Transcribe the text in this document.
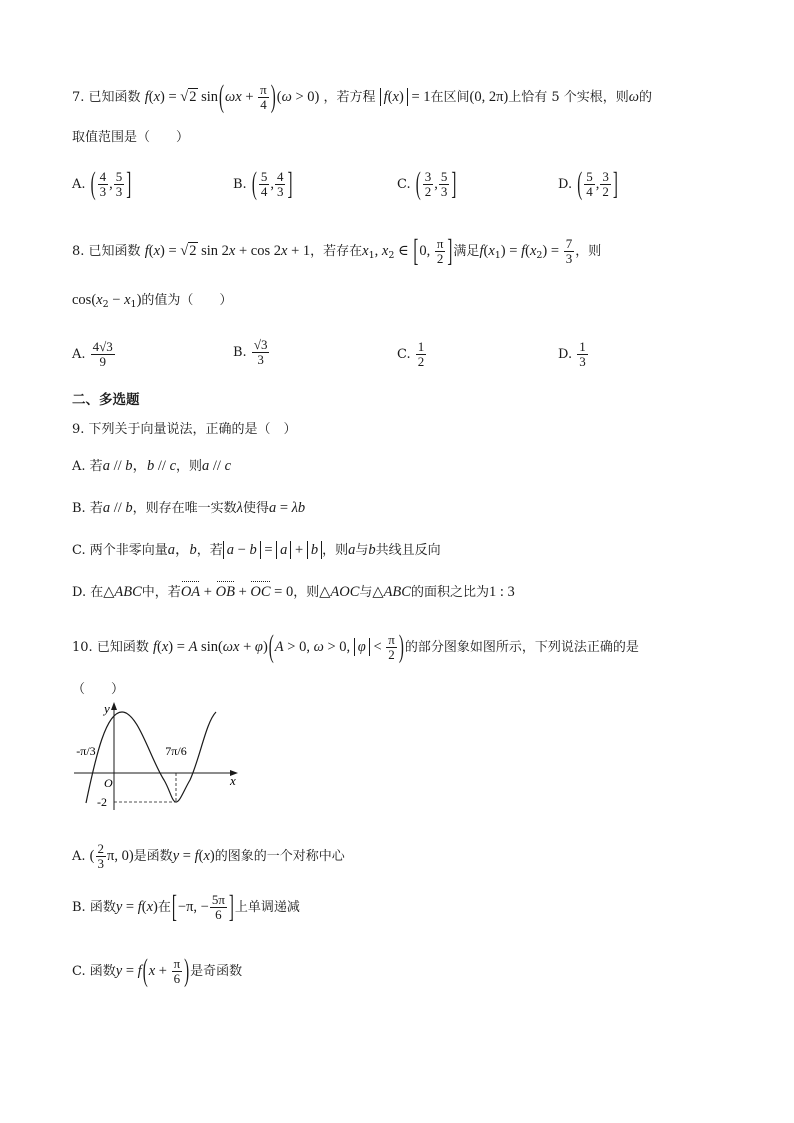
7. 已知函数 f(x) = √2 $\sin(\omega x + \frac{\pi}{4} )(\omega > 0)$ ，若方程 f(x) = 1在区间(0, 2π)上恰有 5 个实根，则ω的
取值范围是（　　）
A. ( $\frac{4}{3}$ , $\frac{5}{3}$ ]	B. ( $\frac{5}{4}$ , $\frac{4}{3}$ ]	C. ( $\frac{3}{2}$ , $\frac{5}{3}$ ]	D. ( $\frac{5}{4}$ , $\frac{3}{2}$ ]
8. 已知函数 f(x) = √2 sin 2x + cos 2x + 1，若存在$x_1$, $x_2$ ∈ [0, $\frac{\pi}{2}$ ]满足$f(x_1) = f(x_2) = \frac{7}{3}$ ，则
$\cos(x_2 - x_1)$的值为（　　）
A. $\frac{4√3}{9}$	B. $\frac{√3}{3}$	C. $\frac{1}{2}$	D. $\frac{1}{3}$
二、多选题
9. 下列关于向量说法，正确的是（　）
A. 若a // b，b // c，则a // c
B. 若a // b，则存在唯一实数λ使得a = λb
C. 两个非零向量a，b，若 a − b = a + b ，则a与b共线且反向
D. 在△ABC中，若OA + OB + OC = 0，则△AOC与△ABC的面积之比为1 : 3
10. 已知函数 f(x) = A sin(ωx + φ)(A > 0, ω > 0, $\varphi < \frac{\pi}{2}$ )的部分图象如图所示，下列说法正确的是
（　　）
y
x
O
-π/3	7π/6
-2
A. ( $\frac{2}{3} \pi$, 0)是函数y = f(x)的图象的一个对称中心
B. 函数y = f(x)在[−π, − $\frac{5\pi}{6}$ ]上单调递减
C. 函数$y = f(x + \frac{\pi}{6}$ )是奇函数
